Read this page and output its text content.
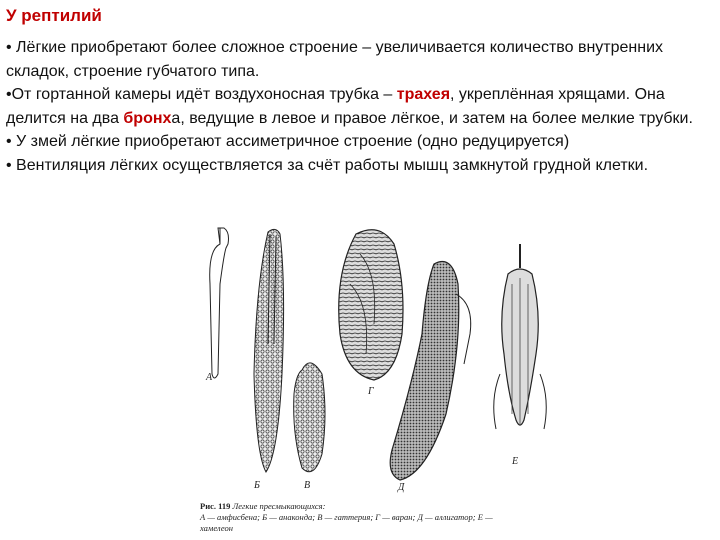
У рептилий

• Лёгкие приобретают более сложное строение – увеличивается количество внутренних складок, строение губчатого типа.

•От гортанной камеры идёт воздухоносная трубка – трахея, укреплённая хрящами. Она делится на два бронха, ведущие в левое и правое лёгкое, и затем на более мелкие трубки.

• У змей лёгкие приобретают ассиметричное строение (одно редуцируется)

• Вентиляция лёгких осуществляется за счёт работы мышц замкнутой грудной клетки.

А
Б	В
Г
Д
Е
Рис. 119 Легкие пресмыкающихся:
А — амфисбена; Б — анаконда; В — гаттерия; Г — варан; Д — аллигатор; Е —
хамелеон
